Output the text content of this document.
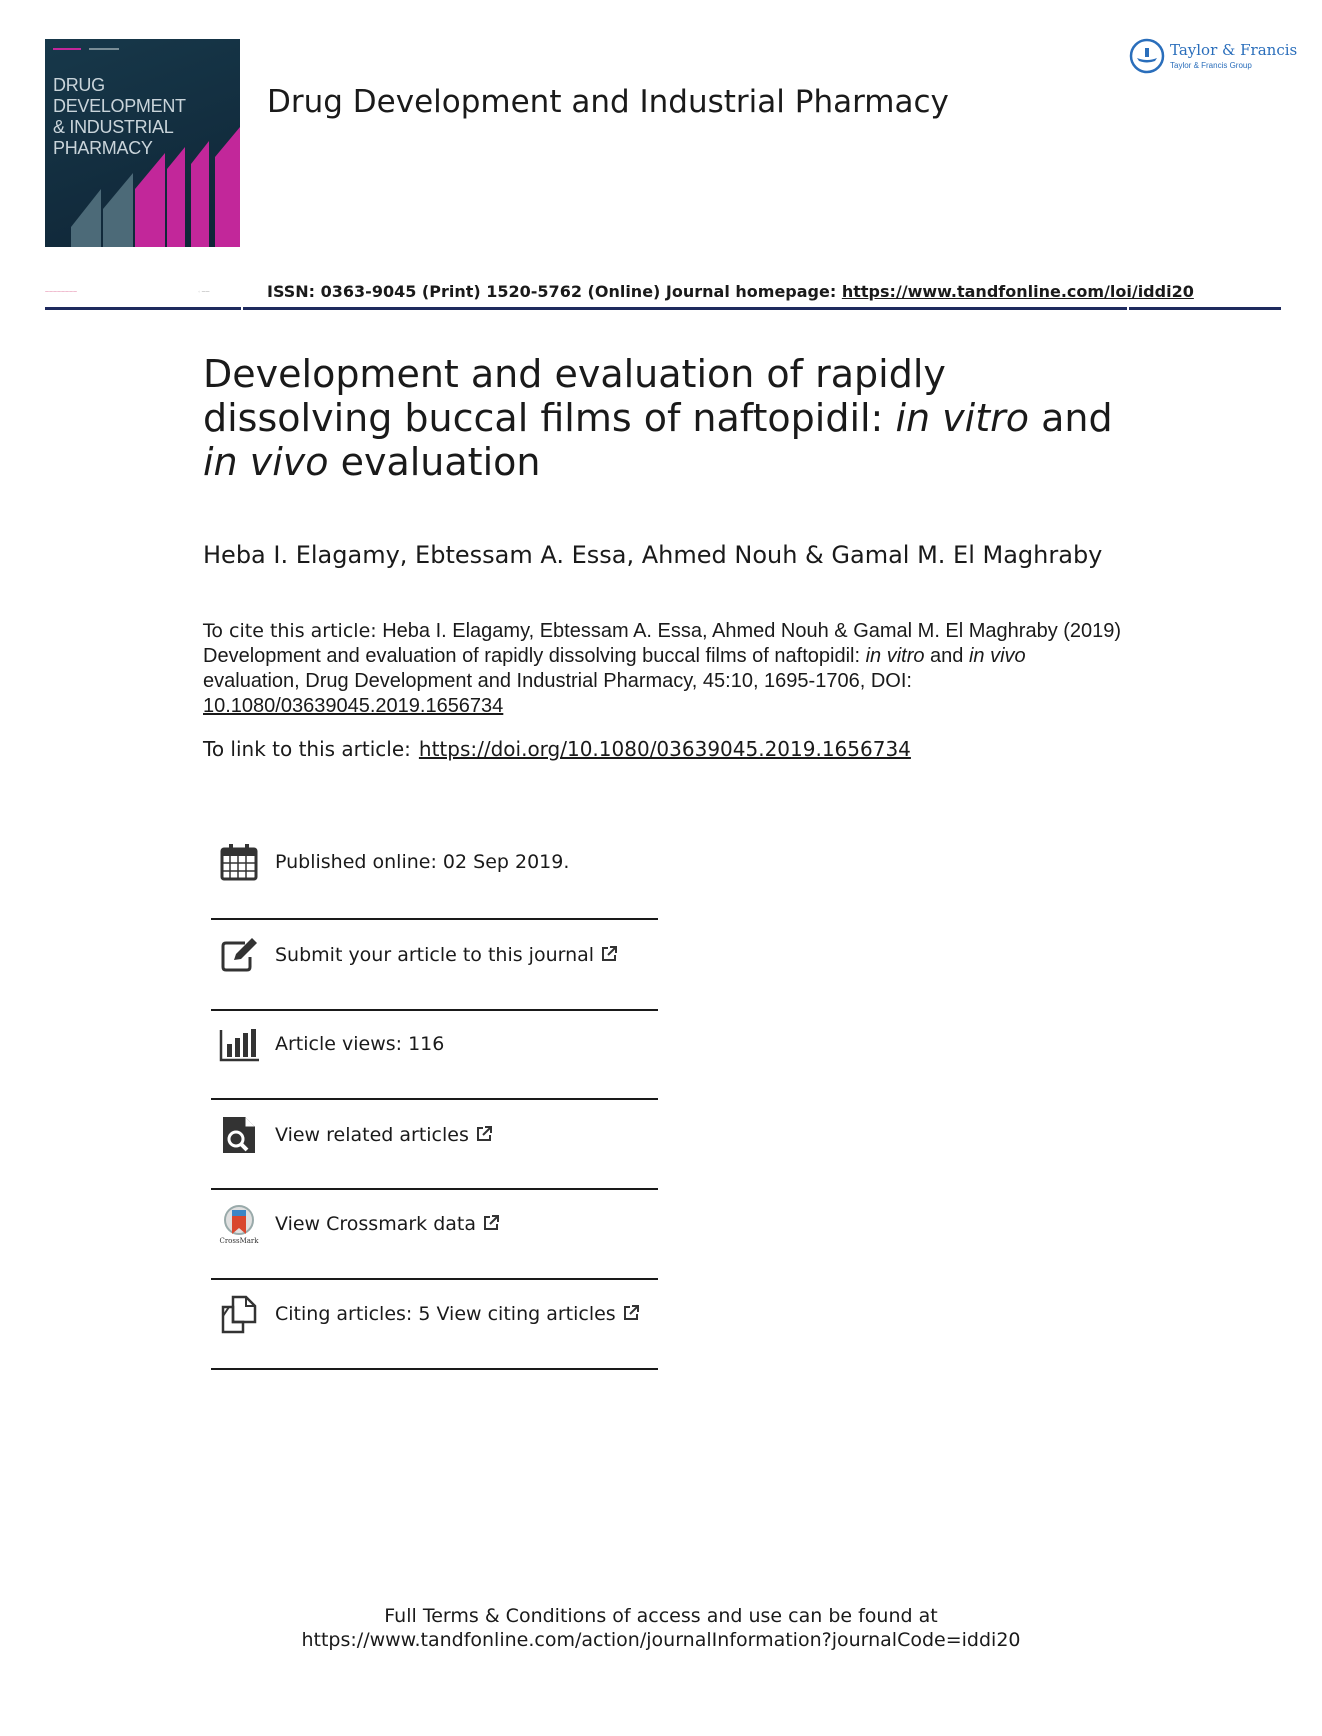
DRUG DEVELOPMENT
& INDUSTRIAL
PHARMACY
Drug Development and Industrial Pharmacy
Taylor & Francis
Taylor & Francis Group
————————	◦ ——	ISSN: 0363-9045 (Print) 1520-5762 (Online) Journal homepage: https://www.tandfonline.com/loi/iddi20
Development and evaluation of rapidly dissolving buccal films of naftopidil: in vitro and in vivo evaluation
Heba I. Elagamy, Ebtessam A. Essa, Ahmed Nouh & Gamal M. El Maghraby
To cite this article: Heba I. Elagamy, Ebtessam A. Essa, Ahmed Nouh & Gamal M. El Maghraby (2019) Development and evaluation of rapidly dissolving buccal films of naftopidil: in vitro and in vivo evaluation, Drug Development and Industrial Pharmacy, 45:10, 1695-1706, DOI: 10.1080/03639045.2019.1656734
To link to this article: https://doi.org/10.1080/03639045.2019.1656734
Published online: 02 Sep 2019.
Submit your article to this journal
Article views: 116
View related articles
CrossMark
View Crossmark data
Citing articles: 5 View citing articles
Full Terms & Conditions of access and use can be found at
https://www.tandfonline.com/action/journalInformation?journalCode=iddi20
